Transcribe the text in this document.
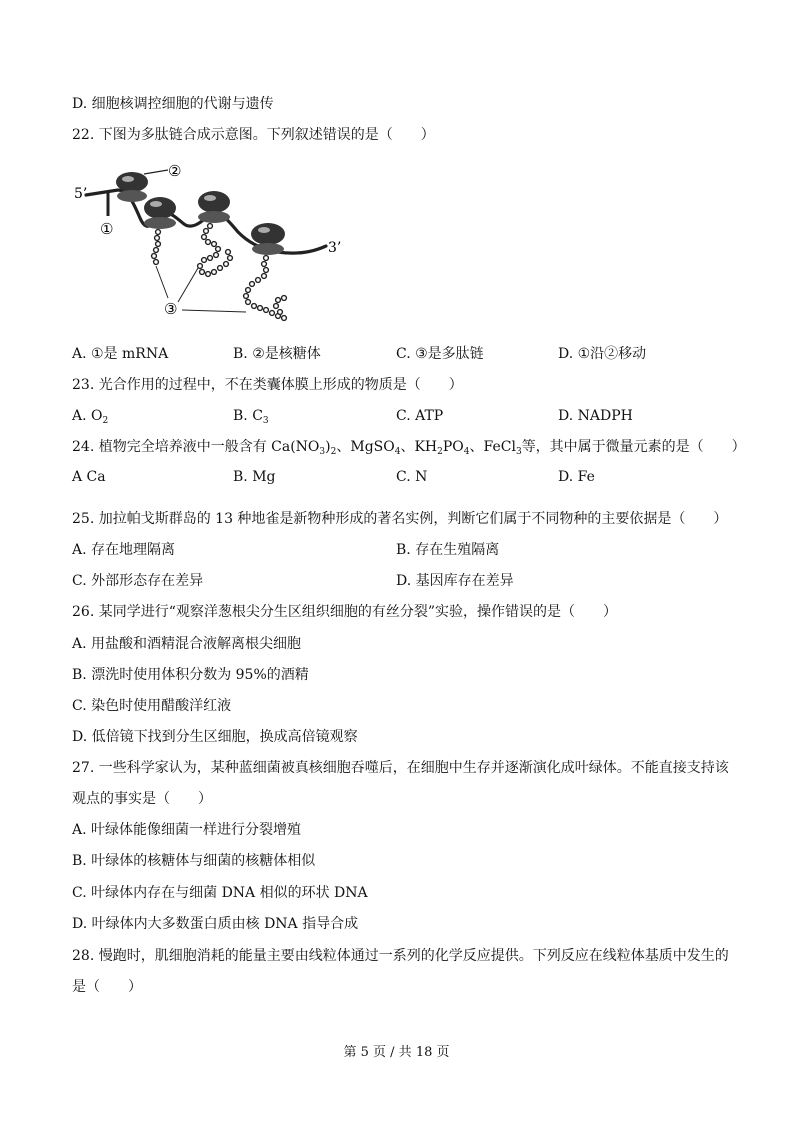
D. 细胞核调控细胞的代谢与遗传
22. 下图为多肽链合成示意图。下列叙述错误的是（　　）
5’
①
②
③
3’
A. ①是 mRNA	B. ②是核糖体	C. ③是多肽链	D. ①沿②移动
23. 光合作用的过程中，不在类囊体膜上形成的物质是（　　）
A. $O_2$	B. $C_3$	C. ATP	D. NADPH
24. 植物完全培养液中一般含有 $Ca(NO_3)_2$、MgSO$_4$、$KH_2PO_4$、FeCl$_3$等，其中属于微量元素的是（　　）
A Ca	B. Mg	C. N	D. Fe
25. 加拉帕戈斯群岛的 13 种地雀是新物种形成的著名实例，判断它们属于不同物种的主要依据是（　　）
A. 存在地理隔离	B. 存在生殖隔离
C. 外部形态存在差异	D. 基因库存在差异
26. 某同学进行“观察洋葱根尖分生区组织细胞的有丝分裂”实验，操作错误的是（　　）
A. 用盐酸和酒精混合液解离根尖细胞
B. 漂洗时使用体积分数为 95%的酒精
C. 染色时使用醋酸洋红液
D. 低倍镜下找到分生区细胞，换成高倍镜观察
27. 一些科学家认为，某种蓝细菌被真核细胞吞噬后，在细胞中生存并逐渐演化成叶绿体。不能直接支持该
观点的事实是（　　）
A. 叶绿体能像细菌一样进行分裂增殖
B. 叶绿体的核糖体与细菌的核糖体相似
C. 叶绿体内存在与细菌 DNA 相似的环状 DNA
D. 叶绿体内大多数蛋白质由核 DNA 指导合成
28. 慢跑时，肌细胞消耗的能量主要由线粒体通过一系列的化学反应提供。下列反应在线粒体基质中发生的
是（　　）
第 5 页 / 共 18 页
